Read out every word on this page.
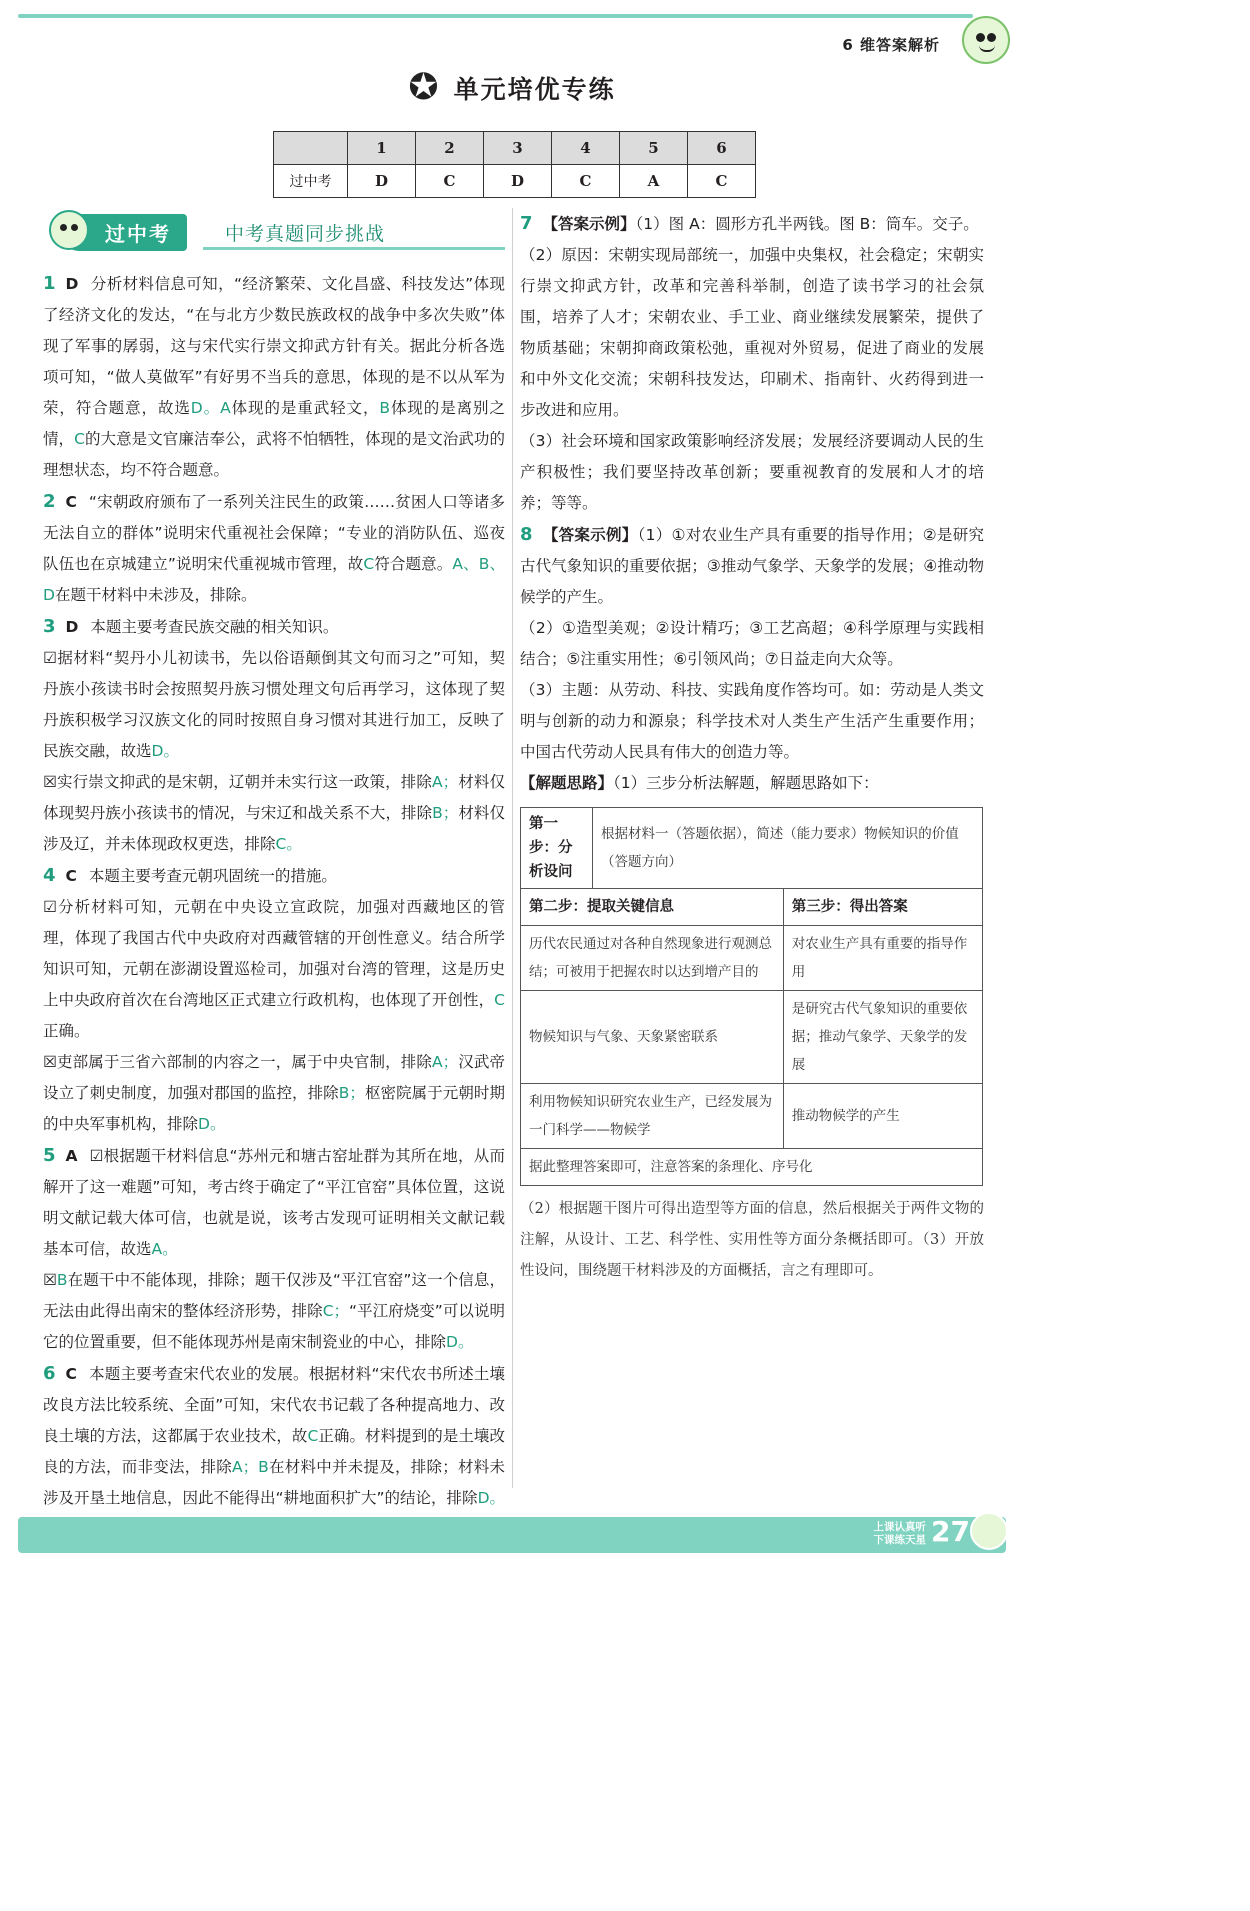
6 维答案解析
✪ 单元培优专练
	1	2	3	4	5	6
过中考	D	C	D	C	A	C
过中考	中考真题同步挑战
1 D 分析材料信息可知，“经济繁荣、文化昌盛、科技发达”体现了经济文化的发达，“在与北方少数民族政权的战争中多次失败”体现了军事的孱弱，这与宋代实行崇文抑武方针有关。据此分析各选项可知，“做人莫做军”有好男不当兵的意思，体现的是不以从军为荣，符合题意，故选D。A体现的是重武轻文，B体现的是离别之情，C的大意是文官廉洁奉公，武将不怕牺牲，体现的是文治武功的理想状态，均不符合题意。
2 C “宋朝政府颁布了一系列关注民生的政策……贫困人口等诸多无法自立的群体”说明宋代重视社会保障；“专业的消防队伍、巡夜队伍也在京城建立”说明宋代重视城市管理，故C符合题意。A、B、D在题干材料中未涉及，排除。
3 D 本题主要考查民族交融的相关知识。
☑据材料“契丹小儿初读书，先以俗语颠倒其文句而习之”可知，契丹族小孩读书时会按照契丹族习惯处理文句后再学习，这体现了契丹族积极学习汉族文化的同时按照自身习惯对其进行加工，反映了民族交融，故选D。
☒实行崇文抑武的是宋朝，辽朝并未实行这一政策，排除A；材料仅体现契丹族小孩读书的情况，与宋辽和战关系不大，排除B；材料仅涉及辽，并未体现政权更迭，排除C。
4 C 本题主要考查元朝巩固统一的措施。
☑分析材料可知，元朝在中央设立宣政院，加强对西藏地区的管理，体现了我国古代中央政府对西藏管辖的开创性意义。结合所学知识可知，元朝在澎湖设置巡检司，加强对台湾的管理，这是历史上中央政府首次在台湾地区正式建立行政机构，也体现了开创性，C正确。
☒吏部属于三省六部制的内容之一，属于中央官制，排除A；汉武帝设立了刺史制度，加强对郡国的监控，排除B；枢密院属于元朝时期的中央军事机构，排除D。
5 A ☑根据题干材料信息“苏州元和塘古窑址群为其所在地，从而解开了这一难题”可知，考古终于确定了“平江官窑”具体位置，这说明文献记载大体可信，也就是说，该考古发现可证明相关文献记载基本可信，故选A。
☒B在题干中不能体现，排除；题干仅涉及“平江官窑”这一个信息，无法由此得出南宋的整体经济形势，排除C；“平江府烧变”可以说明它的位置重要，但不能体现苏州是南宋制瓷业的中心，排除D。
6 C 本题主要考查宋代农业的发展。根据材料“宋代农书所述土壤改良方法比较系统、全面”可知，宋代农书记载了各种提高地力、改良土壤的方法，这都属于农业技术，故C正确。材料提到的是土壤改良的方法，而非变法，排除A；B在材料中并未提及，排除；材料未涉及开垦土地信息，因此不能得出“耕地面积扩大”的结论，排除D。
7 【答案示例】（1）图 A：圆形方孔半两钱。图 B：筒车。交子。
（2）原因：宋朝实现局部统一，加强中央集权，社会稳定；宋朝实行崇文抑武方针，改革和完善科举制，创造了读书学习的社会氛围，培养了人才；宋朝农业、手工业、商业继续发展繁荣，提供了物质基础；宋朝抑商政策松弛，重视对外贸易，促进了商业的发展和中外文化交流；宋朝科技发达，印刷术、指南针、火药得到进一步改进和应用。
（3）社会环境和国家政策影响经济发展；发展经济要调动人民的生产积极性；我们要坚持改革创新；要重视教育的发展和人才的培养；等等。
8 【答案示例】（1）①对农业生产具有重要的指导作用；②是研究古代气象知识的重要依据；③推动气象学、天象学的发展；④推动物候学的产生。
（2）①造型美观；②设计精巧；③工艺高超；④科学原理与实践相结合；⑤注重实用性；⑥引领风尚；⑦日益走向大众等。
（3）主题：从劳动、科技、实践角度作答均可。如：劳动是人类文明与创新的动力和源泉；科学技术对人类生产生活产生重要作用；中国古代劳动人民具有伟大的创造力等。
【解题思路】（1）三步分析法解题，解题思路如下：
第一步：分析设问	根据材料一（答题依据），简述（能力要求）物候知识的价值（答题方向）	
第二步：提取关键信息		第三步：得出答案
历代农民通过对各种自然现象进行观测总结；可被用于把握农时以达到增产目的		对农业生产具有重要的指导作用
物候知识与气象、天象紧密联系		是研究古代气象知识的重要依据；推动气象学、天象学的发展
利用物候知识研究农业生产，已经发展为一门科学——物候学		推动物候学的产生
据此整理答案即可，注意答案的条理化、序号化		
（2）根据题干图片可得出造型等方面的信息，然后根据关于两件文物的注解，从设计、工艺、科学性、实用性等方面分条概括即可。（3）开放性设问，围绕题干材料涉及的方面概括，言之有理即可。
上课认真听
下课练天星 27
